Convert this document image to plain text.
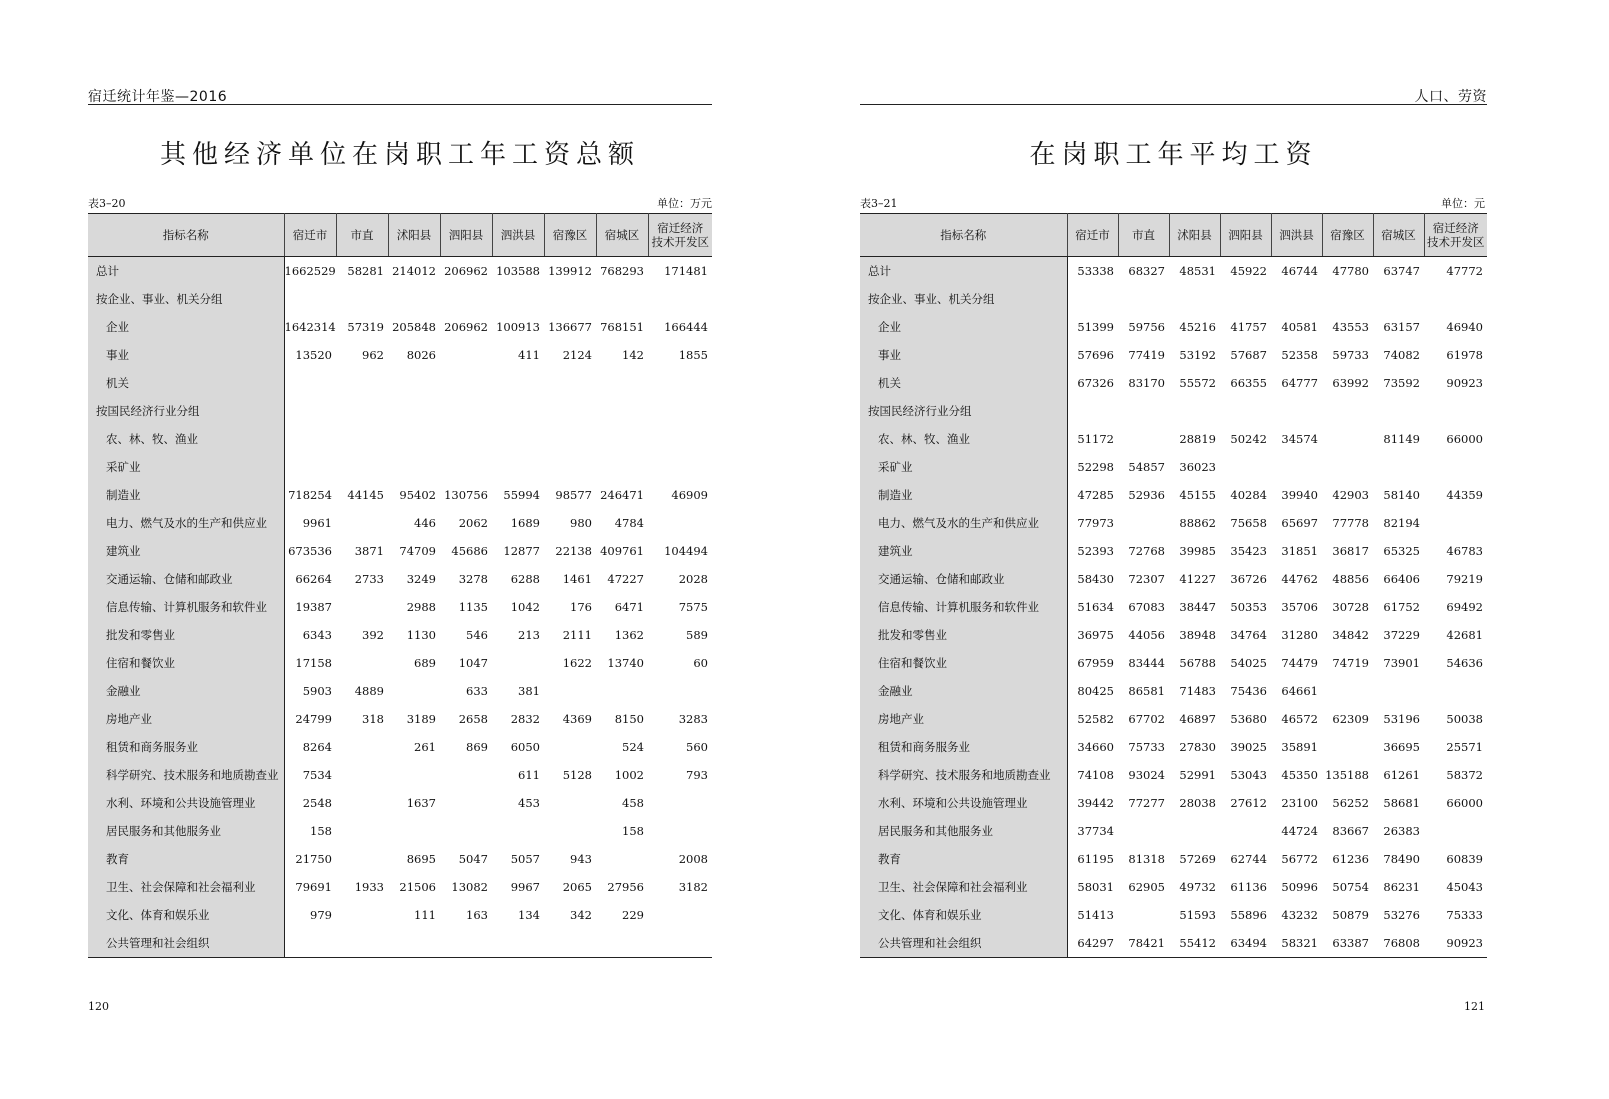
宿迁统计年鉴—2016
其他经济单位在岗职工年工资总额
表3–20	单位：万元
指标名称	宿迁市	市直	沭阳县	泗阳县	泗洪县	宿豫区	宿城区	宿迁经济
技术开发区
总计	1662529	58281	214012	206962	103588	139912	768293	171481
按企业、事业、机关分组								
企业	1642314	57319	205848	206962	100913	136677	768151	166444
事业	13520	962	8026		411	2124	142	1855
机关								
按国民经济行业分组								
农、林、牧、渔业								
采矿业								
制造业	718254	44145	95402	130756	55994	98577	246471	46909
电力、燃气及水的生产和供应业	9961		446	2062	1689	980	4784	
建筑业	673536	3871	74709	45686	12877	22138	409761	104494
交通运输、仓储和邮政业	66264	2733	3249	3278	6288	1461	47227	2028
信息传输、计算机服务和软件业	19387		2988	1135	1042	176	6471	7575
批发和零售业	6343	392	1130	546	213	2111	1362	589
住宿和餐饮业	17158		689	1047		1622	13740	60
金融业	5903	4889		633	381			
房地产业	24799	318	3189	2658	2832	4369	8150	3283
租赁和商务服务业	8264		261	869	6050		524	560
科学研究、技术服务和地质勘查业	7534				611	5128	1002	793
水利、环境和公共设施管理业	2548		1637		453		458	
居民服务和其他服务业	158						158	
教育	21750		8695	5047	5057	943		2008
卫生、社会保障和社会福利业	79691	1933	21506	13082	9967	2065	27956	3182
文化、体育和娱乐业	979		111	163	134	342	229	
公共管理和社会组织								
120
人口、劳资
在岗职工年平均工资
表3–21	单位：元
指标名称	宿迁市	市直	沭阳县	泗阳县	泗洪县	宿豫区	宿城区	宿迁经济
技术开发区
总计	53338	68327	48531	45922	46744	47780	63747	47772
按企业、事业、机关分组								
企业	51399	59756	45216	41757	40581	43553	63157	46940
事业	57696	77419	53192	57687	52358	59733	74082	61978
机关	67326	83170	55572	66355	64777	63992	73592	90923
按国民经济行业分组								
农、林、牧、渔业	51172		28819	50242	34574		81149	66000
采矿业	52298	54857	36023					
制造业	47285	52936	45155	40284	39940	42903	58140	44359
电力、燃气及水的生产和供应业	77973		88862	75658	65697	77778	82194	
建筑业	52393	72768	39985	35423	31851	36817	65325	46783
交通运输、仓储和邮政业	58430	72307	41227	36726	44762	48856	66406	79219
信息传输、计算机服务和软件业	51634	67083	38447	50353	35706	30728	61752	69492
批发和零售业	36975	44056	38948	34764	31280	34842	37229	42681
住宿和餐饮业	67959	83444	56788	54025	74479	74719	73901	54636
金融业	80425	86581	71483	75436	64661			
房地产业	52582	67702	46897	53680	46572	62309	53196	50038
租赁和商务服务业	34660	75733	27830	39025	35891		36695	25571
科学研究、技术服务和地质勘查业	74108	93024	52991	53043	45350	135188	61261	58372
水利、环境和公共设施管理业	39442	77277	28038	27612	23100	56252	58681	66000
居民服务和其他服务业	37734				44724	83667	26383	
教育	61195	81318	57269	62744	56772	61236	78490	60839
卫生、社会保障和社会福利业	58031	62905	49732	61136	50996	50754	86231	45043
文化、体育和娱乐业	51413		51593	55896	43232	50879	53276	75333
公共管理和社会组织	64297	78421	55412	63494	58321	63387	76808	90923
121
